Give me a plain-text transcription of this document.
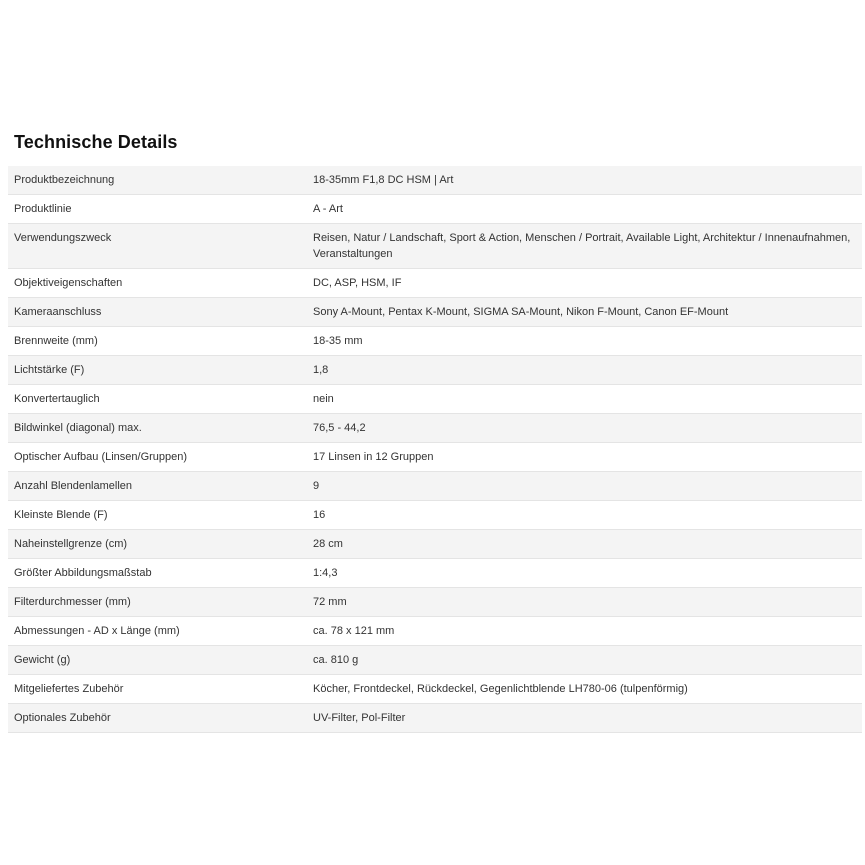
Technische Details
Produktbezeichnung	18-35mm F1,8 DC HSM | Art
Produktlinie	A - Art
Verwendungszweck	Reisen, Natur / Landschaft, Sport & Action, Menschen / Portrait, Available Light, Architektur / Innenaufnahmen, Veranstaltungen
Objektiveigenschaften	DC, ASP, HSM, IF
Kameraanschluss	Sony A-Mount, Pentax K-Mount, SIGMA SA-Mount, Nikon F-Mount, Canon EF-Mount
Brennweite (mm)	18-35 mm
Lichtstärke (F)	1,8
Konvertertauglich	nein
Bildwinkel (diagonal) max.	76,5 - 44,2
Optischer Aufbau (Linsen/Gruppen)	17 Linsen in 12 Gruppen
Anzahl Blendenlamellen	9
Kleinste Blende (F)	16
Naheinstellgrenze (cm)	28 cm
Größter Abbildungsmaßstab	1:4,3
Filterdurchmesser (mm)	72 mm
Abmessungen - AD x Länge (mm)	ca. 78 x 121 mm
Gewicht (g)	ca. 810 g
Mitgeliefertes Zubehör	Köcher, Frontdeckel, Rückdeckel, Gegenlichtblende LH780-06 (tulpenförmig)
Optionales Zubehör	UV-Filter, Pol-Filter
